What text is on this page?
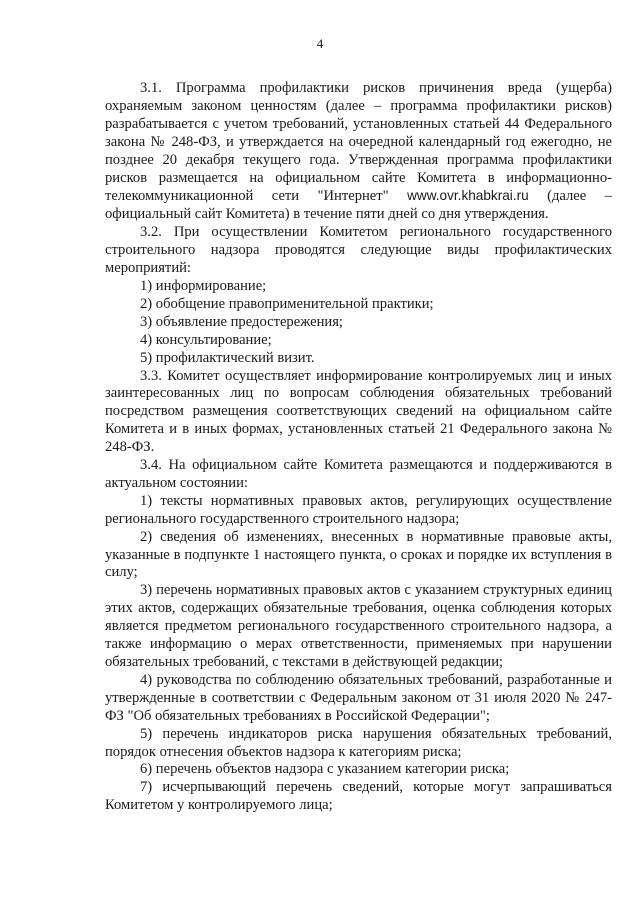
4

3.1. Программа профилактики рисков причинения вреда (ущерба) охраняемым законом ценностям (далее – программа профилактики рисков) разрабатывается с учетом требований, установленных статьей 44 Федерального закона № 248-ФЗ, и утверждается на очередной календарный год ежегодно, не позднее 20 декабря текущего года. Утвержденная программа профилактики рисков размещается на официальном сайте Комитета в информационно-телекоммуникационной сети "Интернет" www.ovr.khabkrai.ru (далее – официальный сайт Комитета) в течение пяти дней со дня утверждения.

3.2. При осуществлении Комитетом регионального государственного строительного надзора проводятся следующие виды профилактических мероприятий:

1) информирование;

2) обобщение правоприменительной практики;

3) объявление предостережения;

4) консультирование;

5) профилактический визит.

3.3. Комитет осуществляет информирование контролируемых лиц и иных заинтересованных лиц по вопросам соблюдения обязательных требований посредством размещения соответствующих сведений на официальном сайте Комитета и в иных формах, установленных статьей 21 Федерального закона № 248-ФЗ.

3.4. На официальном сайте Комитета размещаются и поддерживаются в актуальном состоянии:

1) тексты нормативных правовых актов, регулирующих осуществление регионального государственного строительного надзора;

2) сведения об изменениях, внесенных в нормативные правовые акты, указанные в подпункте 1 настоящего пункта, о сроках и порядке их вступления в силу;

3) перечень нормативных правовых актов с указанием структурных единиц этих актов, содержащих обязательные требования, оценка соблюдения которых является предметом регионального государственного строительного надзора, а также информацию о мерах ответственности, применяемых при нарушении обязательных требований, с текстами в действующей редакции;

4) руководства по соблюдению обязательных требований, разработанные и утвержденные в соответствии с Федеральным законом от 31 июля 2020 № 247-ФЗ "Об обязательных требованиях в Российской Федерации";

5) перечень индикаторов риска нарушения обязательных требований, порядок отнесения объектов надзора к категориям риска;

6) перечень объектов надзора с указанием категории риска;

7) исчерпывающий перечень сведений, которые могут запрашиваться Комитетом у контролируемого лица;
